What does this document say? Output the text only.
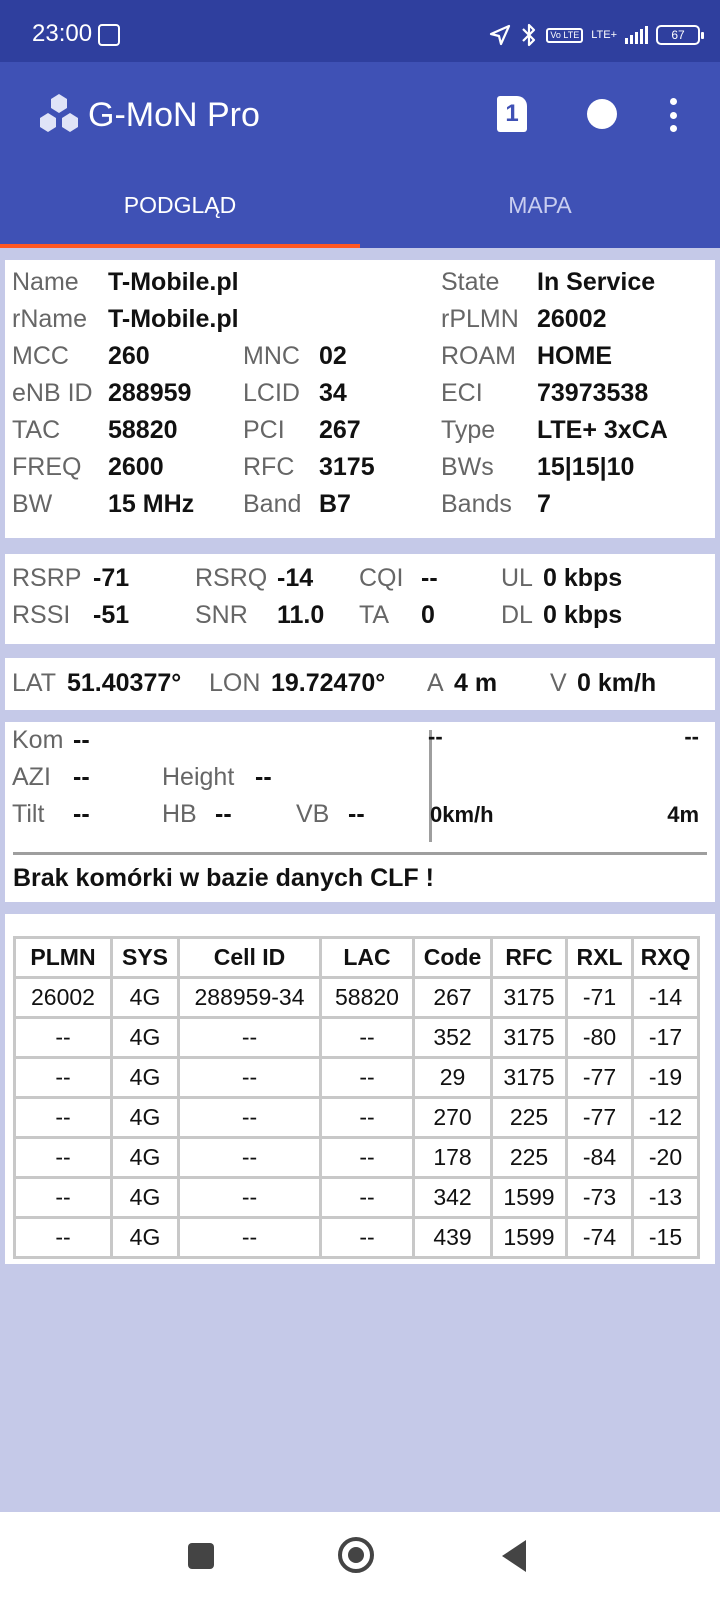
23:00	Vo LTE	LTE+	67
G-MoN Pro	1
PODGLĄD	MAPA
Name T-Mobile.pl	State In Service
rName T-Mobile.pl	rPLMN 26002
MCC 260	MNC 02	ROAM HOME
eNB ID 288959 LCID 34	ECI 73973538
TAC 58820	PCI 267	Type LTE+ 3xCA
FREQ 2600	RFC 3175	BWs 15|15|10
BW 15 MHz Band B7	Bands 7
RSRP -71	RSRQ -14 CQI --	UL 0 kbps
RSSI -51	SNR 11.0 TA 0	DL 0 kbps
LAT 51.40377° LON 19.72470° A 4 m V 0 km/h
Kom --
AZI --	Height --
Tilt --	HB --	VB --
--	--
0km/h	4m
Brak komórki w bazie danych CLF !
PLMN	SYS	Cell ID	LAC	Code	RFC	RXL	RXQ
26002	4G	288959-34	58820	267	3175	-71	-14
--	4G	--	--	352	3175	-80	-17
--	4G	--	--	29	3175	-77	-19
--	4G	--	--	270	225	-77	-12
--	4G	--	--	178	225	-84	-20
--	4G	--	--	342	1599	-73	-13
--	4G	--	--	439	1599	-74	-15
